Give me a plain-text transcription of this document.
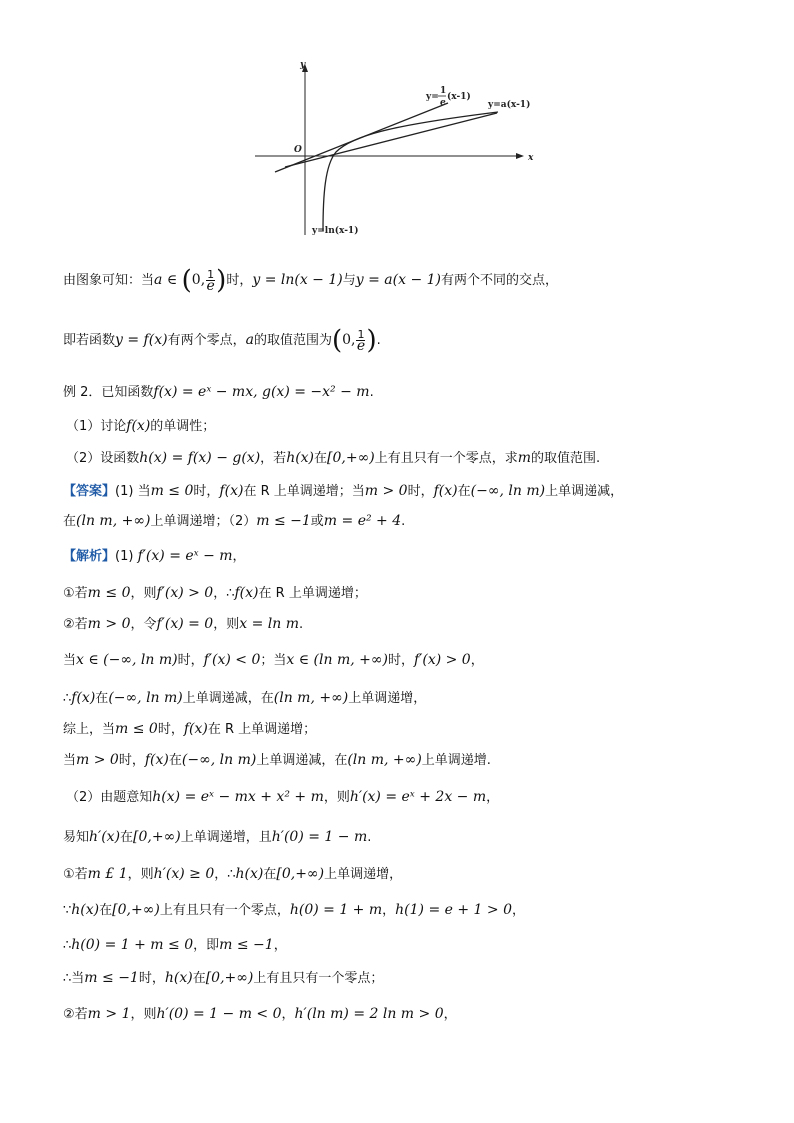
y
x
O
y=
1
e
(x-1)
y=a(x-1)
y=ln(x-1)
由图象可知：当a ∈ (0, $\frac{1}{e}$ )时，y = ln(x − 1)与y = a(x − 1)有两个不同的交点，
即若函数y = f(x)有两个零点，a的取值范围为(0, $\frac{1}{e}$ ).
例 2．已知函数f(x) = eˣ − mx, g(x) = −x² − m.
（1）讨论f(x)的单调性；
（2）设函数h(x) = f(x) − g(x)，若h(x)在[0,+∞)上有且只有一个零点，求m的取值范围.
【答案】(1) 当m ≤ 0时，f(x)在 R 上单调递增；当m > 0时，f(x)在(−∞, ln m)上单调递减，
在(ln m, +∞)上单调递增；（2）m ≤ −1或m = e² + 4.
【解析】(1) f′(x) = eˣ − m，
①若m ≤ 0，则f′(x) > 0，∴f(x)在 R 上单调递增；
②若m > 0，令f′(x) = 0，则x = ln m.
当x ∈ (−∞, ln m)时，f′(x) < 0；当x ∈ (ln m, +∞)时，f′(x) > 0，
∴f(x)在(−∞, ln m)上单调递减，在(ln m, +∞)上单调递增，
综上，当m ≤ 0时，f(x)在 R 上单调递增；
当m > 0时，f(x)在(−∞, ln m)上单调递减，在(ln m, +∞)上单调递增.
（2）由题意知h(x) = eˣ − mx + x² + m，则h′(x) = eˣ + 2x − m，
易知h′(x)在[0,+∞)上单调递增，且h′(0) = 1 − m.
①若m £ 1，则h′(x) ≥ 0，∴h(x)在[0,+∞)上单调递增，
∵h(x)在[0,+∞)上有且只有一个零点，h(0) = 1 + m，h(1) = e + 1 > 0，
∴h(0) = 1 + m ≤ 0，即m ≤ −1，
∴当m ≤ −1时，h(x)在[0,+∞)上有且只有一个零点；
②若m > 1，则h′(0) = 1 − m < 0，h′(ln m) = 2 ln m > 0，
